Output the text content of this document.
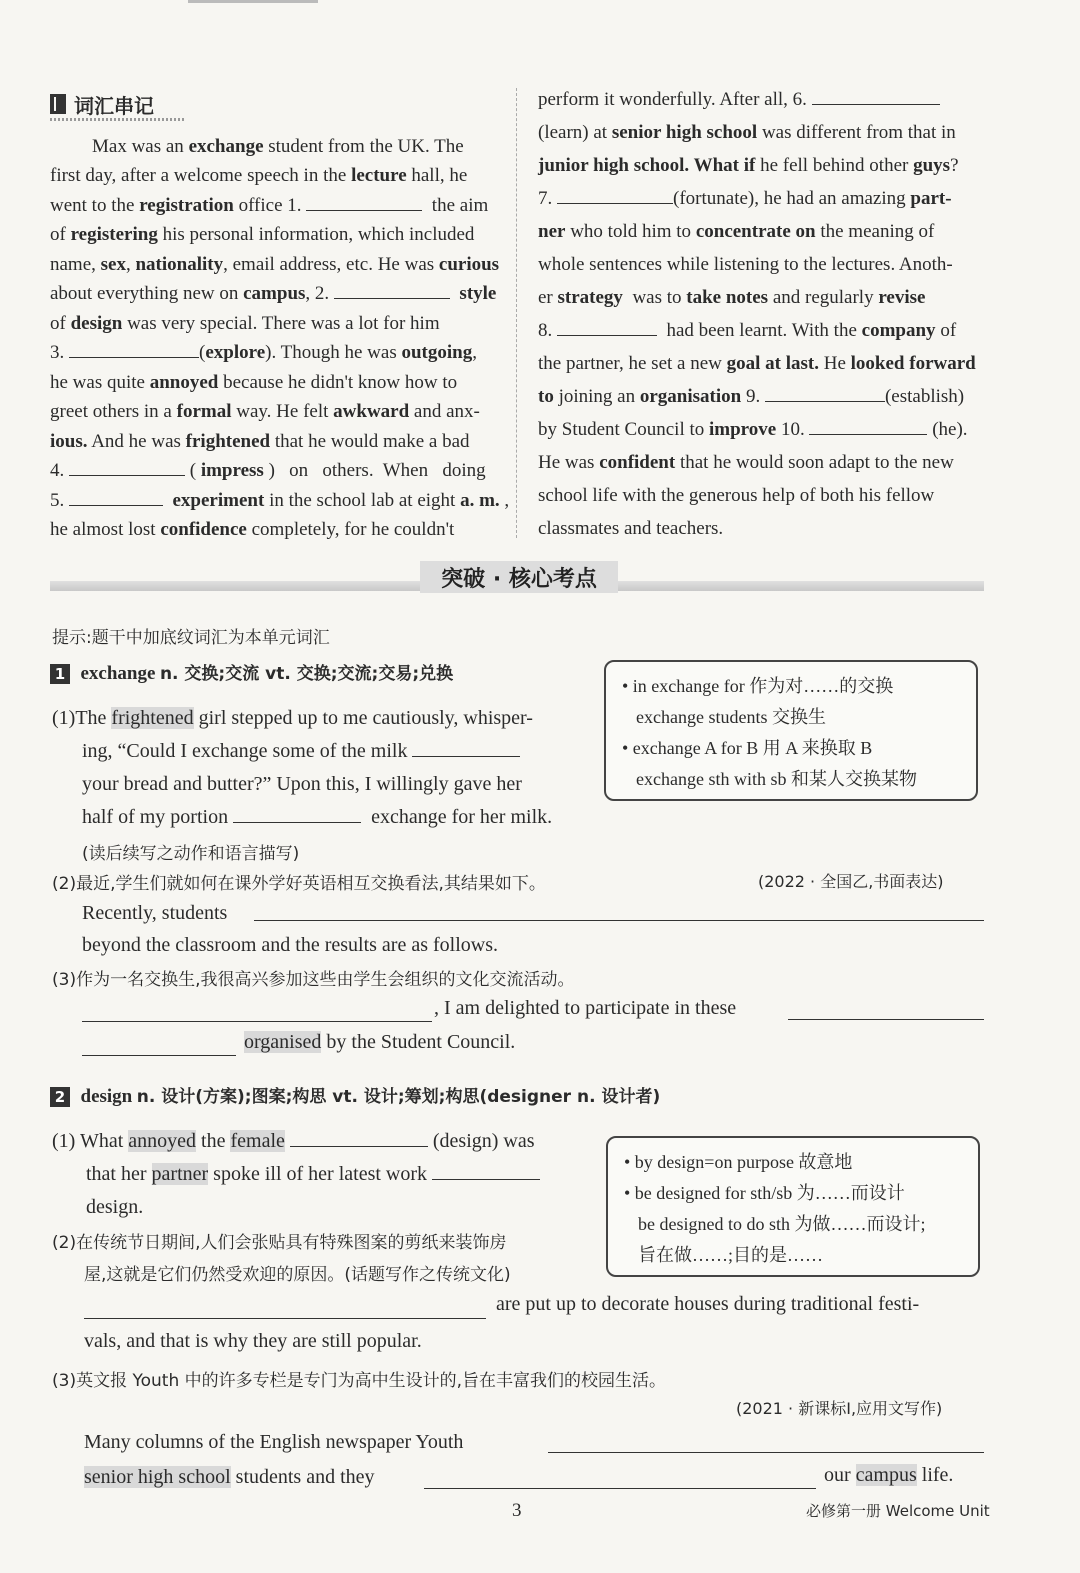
词汇串记
Max was an exchange student from the UK. The
first day, after a welcome speech in the lecture hall, he
went to the registration office 1.	the aim
of registering his personal information, which included
name, sex, nationality, email address, etc. He was curious
about everything new on campus, 2.	style
of design was very special. There was a lot for him
3.	(explore). Though he was outgoing,
he was quite annoyed because he didn't know how to
greet others in a formal way. He felt awkward and anx-
ious. And he was frightened that he would make a bad
4.	( impress )   on   others.  When   doing
5.	experiment in the school lab at eight a. m. ,
he almost lost confidence completely, for he couldn't
perform it wonderfully. After all, 6.
(learn) at senior high school was different from that in
junior high school. What if he fell behind other guys?
7.	(fortunate), he had an amazing part-
ner who told him to concentrate on the meaning of
whole sentences while listening to the lectures. Anoth-
er strategy  was to take notes and regularly revise
8.	had been learnt. With the company of
the partner, he set a new goal at last. He looked forward
to joining an organisation 9.	(establish)
by Student Council to improve 10.	(he).
He was confident that he would soon adapt to the new
school life with the generous help of both his fellow
classmates and teachers.
突破 · 核心考点
提示:题干中加底纹词汇为本单元词汇
1 exchange n. 交换;交流 vt. 交换;交流;交易;兑换
• in exchange for 作为对……的交换
exchange students 交换生
• exchange A for B 用 A 来换取 B
exchange sth with sb 和某人交换某物
(1)The frightened girl stepped up to me cautiously, whisper-
ing, “Could I exchange some of the milk
your bread and butter?” Upon this, I willingly gave her
half of my portion	exchange for her milk.
(读后续写之动作和语言描写)
(2)最近,学生们就如何在课外学好英语相互交换看法,其结果如下。	(2022 · 全国乙,书面表达)
Recently, students
beyond the classroom and the results are as follows.
(3)作为一名交换生,我很高兴参加这些由学生会组织的文化交流活动。
, I am delighted to participate in these
organised by the Student Council.
2 design n. 设计(方案);图案;构思 vt. 设计;筹划;构思(designer n. 设计者)
• by design=on purpose 故意地
• be designed for sth/sb 为……而设计
be designed to do sth 为做……而设计;
旨在做……;目的是……
(1) What annoyed the female	(design) was
that her partner spoke ill of her latest work
design.
(2)在传统节日期间,人们会张贴具有特殊图案的剪纸来装饰房
屋,这就是它们仍然受欢迎的原因。(话题写作之传统文化)
are put up to decorate houses during traditional festi-
vals, and that is why they are still popular.
(3)英文报 Youth 中的许多专栏是专门为高中生设计的,旨在丰富我们的校园生活。
(2021 · 新课标Ⅰ,应用文写作)
Many columns of the English newspaper Youth
senior high school students and they	our campus life.
3	必修第一册 Welcome Unit
